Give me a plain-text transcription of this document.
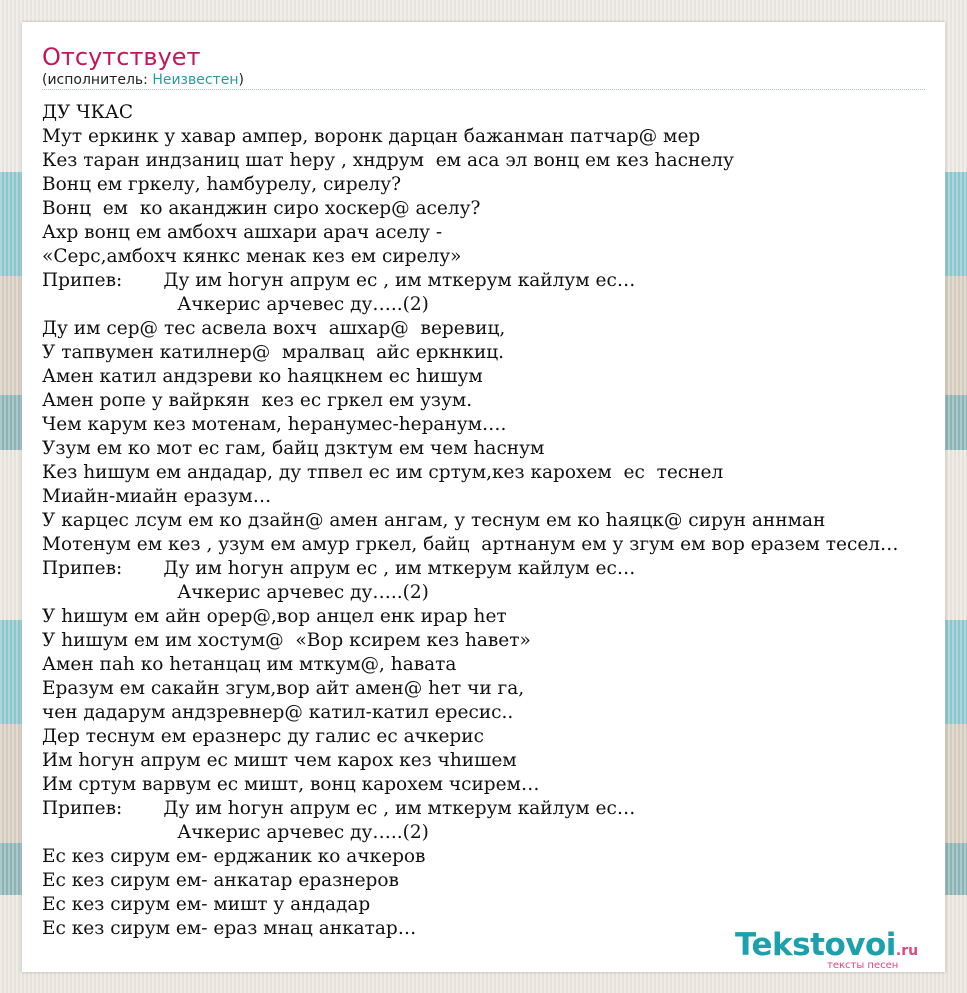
Отсутствует
(исполнитель: Неизвестен)
ДУ ЧКАС
Мут еркинк у хавар ампер, воронк дарцан бажанман патчар@ мер
Кез таран индзаниц шат hеру , хндрум  ем аса эл вонц ем кез hаснелу
Вонц ем гркелу, hамбурелу, сирелу?
Вонц  ем  ко аканджин сиро хоскер@ аселу?
Ахр вонц ем амбохч ашхари арач аселу -
«Серс,амбохч кянкс менак кез ем сирелу»
Припев:       Ду им hогун апрум ес , им мткерум кайлум ес…
Ачкерис арчевес ду…..(2)
Ду им сер@ тес асвела вохч  ашхар@  веревиц,
У тапвумен катилнер@  мралвац  айс еркнкиц.
Амен катил андзреви ко hаяцкнем ес hишум
Амен ропе у вайркян  кез ес гркел ем узум.
Чем карум кез мотенам, hеранумес-hеранум….
Узум ем ко мот ес гам, байц дзктум ем чем hаснум
Кез hишум ем андадар, ду тпвел ес им сртум,кез карохем  ес  теснел
Миайн-миайн еразум…
У карцес лсум ем ко дзайн@ амен ангам, у теснум ем ко hаяцк@ сирун аннман
Мотенум ем кез , узум ем амур гркел, байц  артнанум ем у згум ем вор еразем тесел…
Припев:       Ду им hогун апрум ес , им мткерум кайлум ес…
Ачкерис арчевес ду…..(2)
У hишум ем айн орер@,вор анцел енк ирар hет
У hишум ем им хостум@  «Вор ксирем кез hавет»
Амен паh ко hетанцац им мткум@, hавата
Еразум ем сакайн згум,вор айт амен@ hет чи га,
чен дадарум андзревнер@ катил-катил ересис..
Дер теснум ем еразнерс ду галис ес ачкерис
Им hогун апрум ес мишт чем карох кез чhишем
Им сртум варвум ес мишт, вонц карохем чсирем…
Припев:       Ду им hогун апрум ес , им мткерум кайлум ес…
Ачкерис арчевес ду…..(2)
Ес кез сирум ем- ерджаник ко ачкеров
Ес кез сирум ем- анкатар еразнеров
Ес кез сирум ем- мишт у андадар
Ес кез сирум ем- ераз мнац анкатар…	Tekstovoi.ru
тексты песен
